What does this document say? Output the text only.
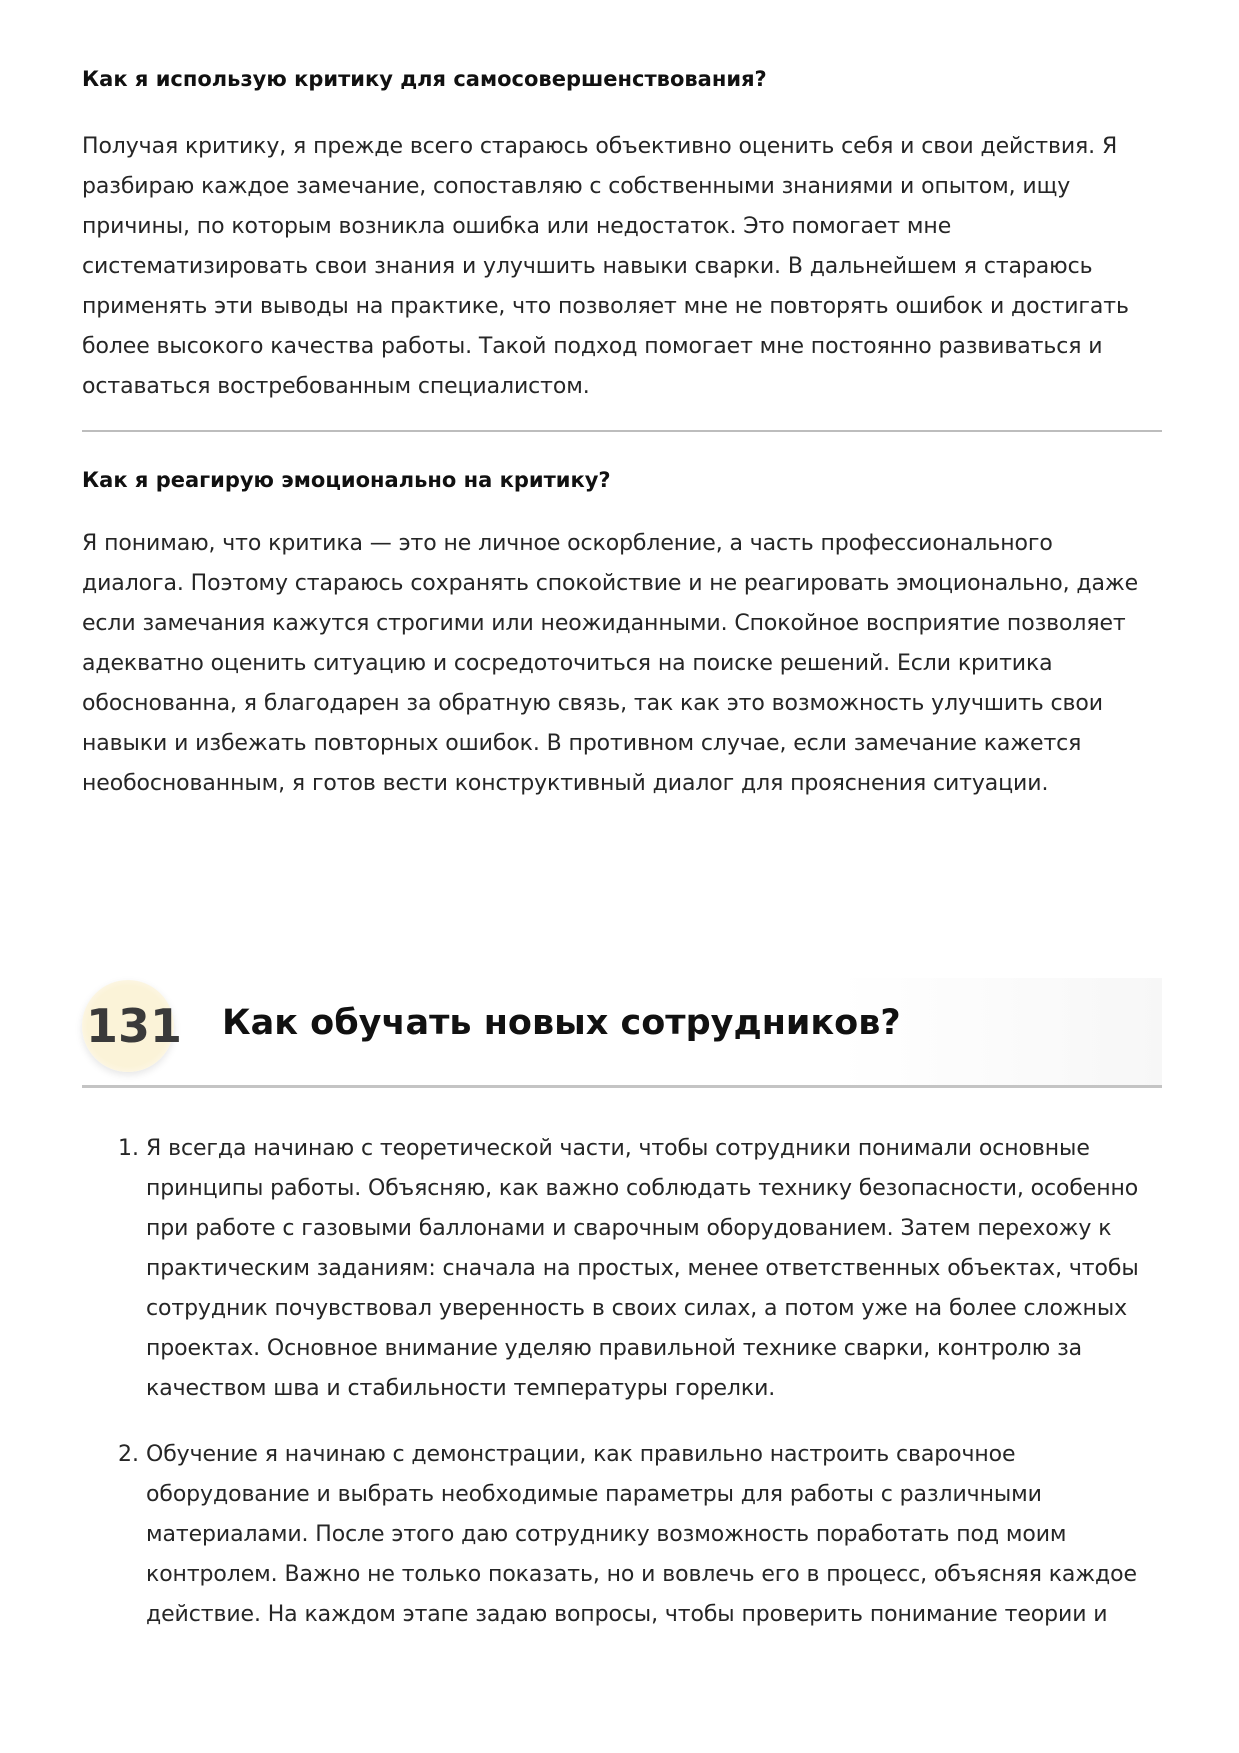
Как я использую критику для самосовершенствования?
Получая критику, я прежде всего стараюсь объективно оценить себя и свои действия. Я
разбираю каждое замечание, сопоставляю с собственными знаниями и опытом, ищу
причины, по которым возникла ошибка или недостаток. Это помогает мне
систематизировать свои знания и улучшить навыки сварки. В дальнейшем я стараюсь
применять эти выводы на практике, что позволяет мне не повторять ошибок и достигать
более высокого качества работы. Такой подход помогает мне постоянно развиваться и
оставаться востребованным специалистом.
Как я реагирую эмоционально на критику?
Я понимаю, что критика — это не личное оскорбление, а часть профессионального
диалога. Поэтому стараюсь сохранять спокойствие и не реагировать эмоционально, даже
если замечания кажутся строгими или неожиданными. Спокойное восприятие позволяет
адекватно оценить ситуацию и сосредоточиться на поиске решений. Если критика
обоснованна, я благодарен за обратную связь, так как это возможность улучшить свои
навыки и избежать повторных ошибок. В противном случае, если замечание кажется
необоснованным, я готов вести конструктивный диалог для прояснения ситуации.
131 Как обучать новых сотрудников?
1. Я всегда начинаю с теоретической части, чтобы сотрудники понимали основные
принципы работы. Объясняю, как важно соблюдать технику безопасности, особенно
при работе с газовыми баллонами и сварочным оборудованием. Затем перехожу к
практическим заданиям: сначала на простых, менее ответственных объектах, чтобы
сотрудник почувствовал уверенность в своих силах, а потом уже на более сложных
проектах. Основное внимание уделяю правильной технике сварки, контролю за
качеством шва и стабильности температуры горелки.
2. Обучение я начинаю с демонстрации, как правильно настроить сварочное
оборудование и выбрать необходимые параметры для работы с различными
материалами. После этого даю сотруднику возможность поработать под моим
контролем. Важно не только показать, но и вовлечь его в процесс, объясняя каждое
действие. На каждом этапе задаю вопросы, чтобы проверить понимание теории и
